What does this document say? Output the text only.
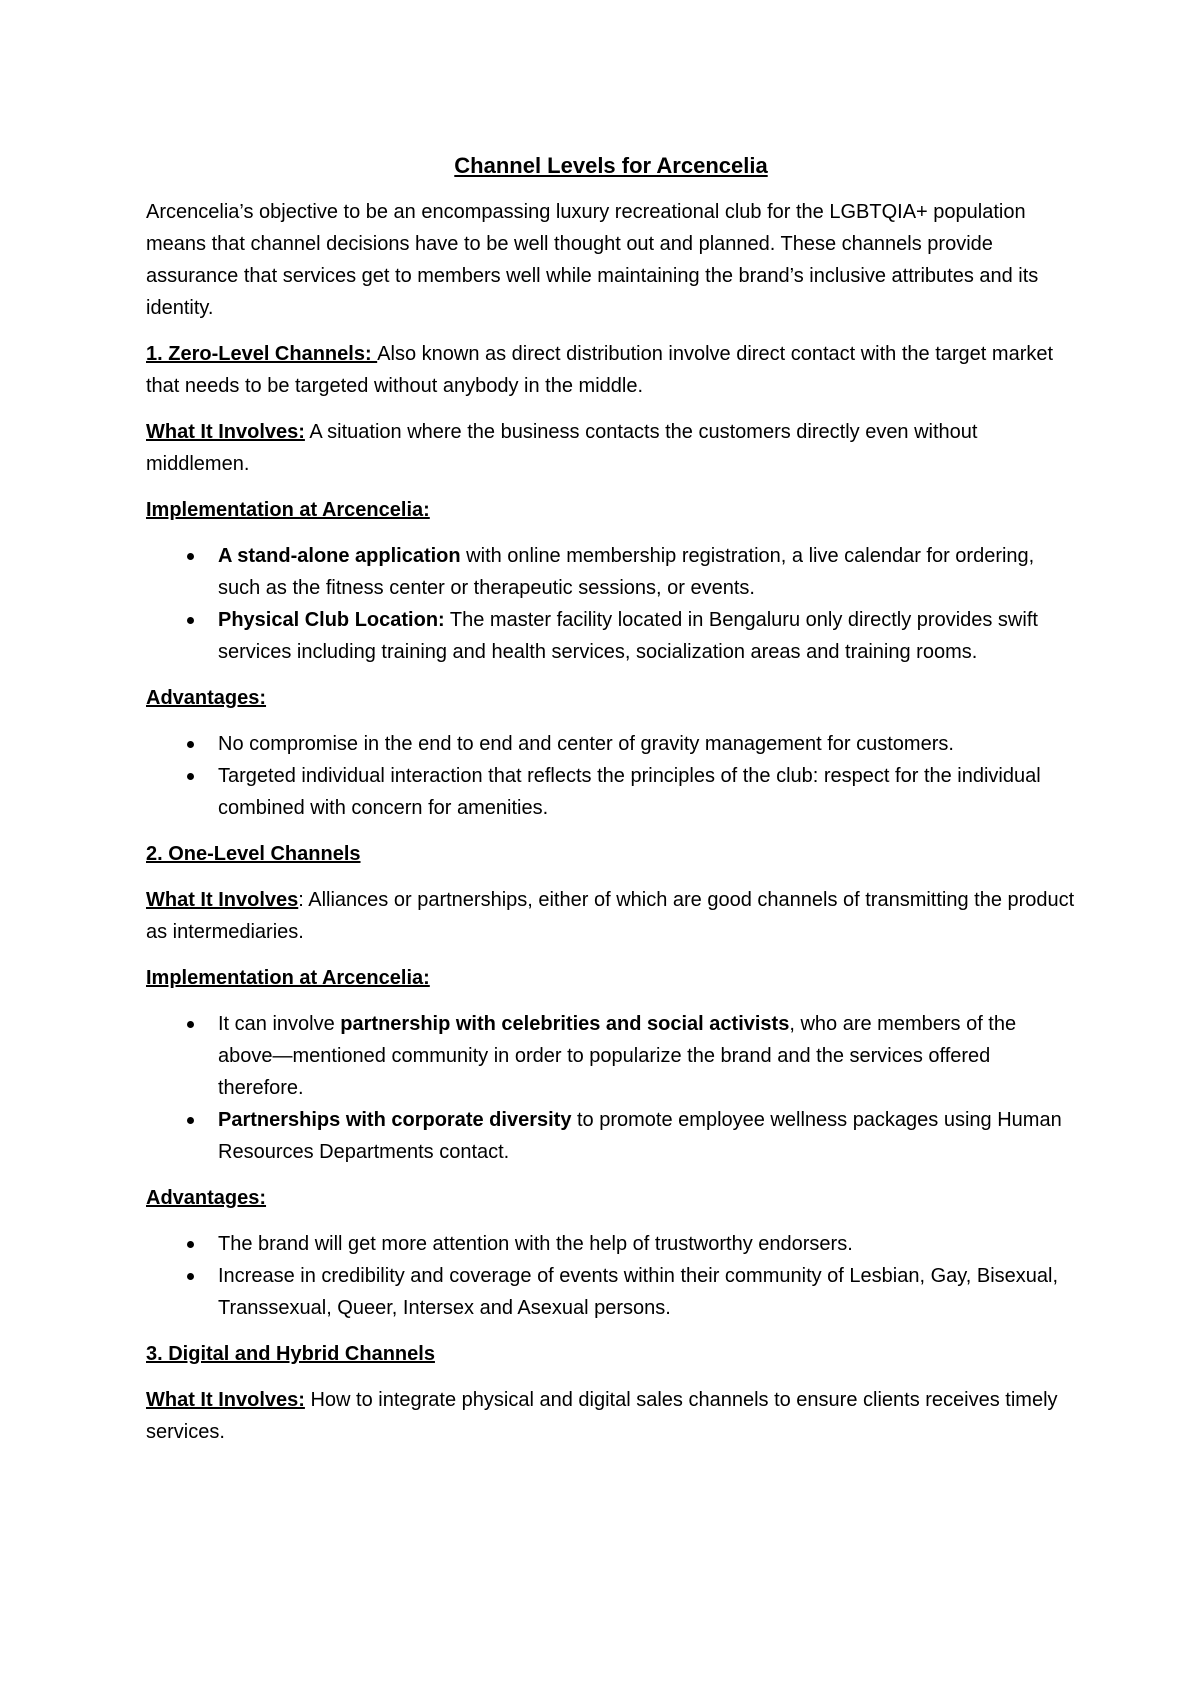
Channel Levels for Arcencelia

Arcencelia’s objective to be an encompassing luxury recreational club for the LGBTQIA+ population means that channel decisions have to be well thought out and planned. These channels provide assurance that services get to members well while maintaining the brand’s inclusive attributes and its identity.

1. Zero-Level Channels: Also known as direct distribution involve direct contact with the target market that needs to be targeted without anybody in the middle.

What It Involves: A situation where the business contacts the customers directly even without middlemen.

Implementation at Arcencelia:

A stand-alone application with online membership registration, a live calendar for ordering, such as the fitness center or therapeutic sessions, or events.
Physical Club Location: The master facility located in Bengaluru only directly provides swift services including training and health services, socialization areas and training rooms.

Advantages:

No compromise in the end to end and center of gravity management for customers.
Targeted individual interaction that reflects the principles of the club: respect for the individual combined with concern for amenities.

2. One-Level Channels

What It Involves: Alliances or partnerships, either of which are good channels of transmitting the product as intermediaries.

Implementation at Arcencelia:

It can involve partnership with celebrities and social activists, who are members of the above—mentioned community in order to popularize the brand and the services offered therefore.
Partnerships with corporate diversity to promote employee wellness packages using Human Resources Departments contact.

Advantages:

The brand will get more attention with the help of trustworthy endorsers.
Increase in credibility and coverage of events within their community of Lesbian, Gay, Bisexual, Transsexual, Queer, Intersex and Asexual persons.

3. Digital and Hybrid Channels

What It Involves: How to integrate physical and digital sales channels to ensure clients receives timely services.
